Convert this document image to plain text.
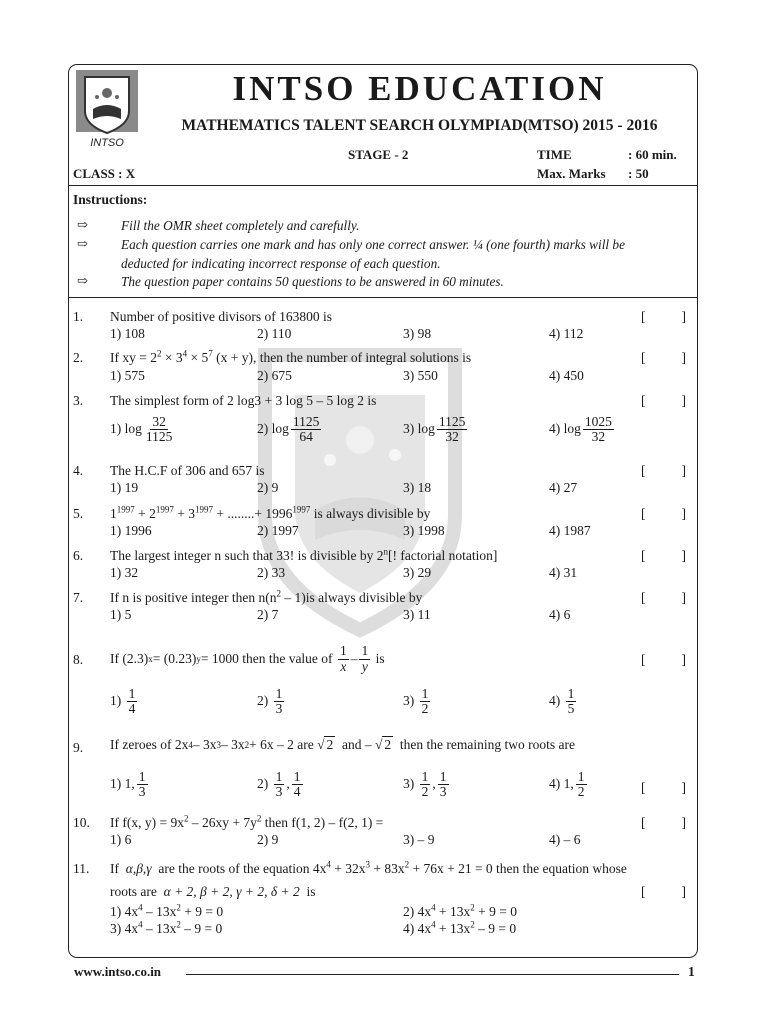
INTSO
INTSO EDUCATION
MATHEMATICS TALENT SEARCH OLYMPIAD(MTSO) 2015 - 2016
STAGE - 2	TIME	: 60 min.
CLASS : X	Max. Marks : 50
Instructions:
⇨ Fill the OMR sheet completely and carefully.
⇨ Each question carries one mark and has only one correct answer. ¼ (one fourth) marks will be
deducted for indicating incorrect response of each question.
⇨ The question paper contains 50 questions to be answered in 60 minutes.
1. Number of positive divisors of 163800 is	[	]
1) 108	2) 110	3) 98	4) 112
2. If xy = $2^2 \times 3^4 \times 5^7$ (x + y), then the number of integral solutions is	[	]
1) 575	2) 675	3) 550	4) 450
3. The simplest form of 2 log3 + 3 log 5 – 5 log 2 is	[	]
1) $\log \frac{32}{1125}$	2) $\log \frac{1125}{64}$	3) $\log \frac{1125}{32}$	4) $\log \frac{1025}{32}$
4. The H.C.F of 306 and 657 is	[	]
1) 19	2) 9	3) 18	4) 27
5. $1^{1997} + 2^{1997} + 3^{1997}$ + ........+ $1996^{1997}$ is always divisible by	[	]
1) 1996	2) 1997	3) 1998	4) 1987
6. The largest integer n such that 33! is divisible by 2$^n$[! factorial notation]	[	]
1) 32	2) 33	3) 29	4) 31
7. If n is positive integer then $n(n^2 - 1)is$ always divisible by	[	]
1) 5	2) 7	3) 11	4) 6
8. If (2.3) x = (0.23) y = 1000 then the value of
$\frac{1}{x} - \frac{1}{y}$
is	[	]
$1) \frac{1}{4}$	$2) \frac{1}{3}$	$3) \frac{1}{2}$	$4) \frac{1}{5}$
9. If zeroes of 2x 4 – 3x 3 – 3x 2 + 6x – 2 are
√ 2
and –
√ 2
then the remaining two roots are
1) 1, $\frac{1}{3}$	$2) \frac{1}{3}$ , $\frac{1}{4}$	$3) \frac{1}{2}$ , $\frac{1}{3}$	4) 1, $\frac{1}{2}$	[	]
10. If f(x, $y) = 9x^2 - 26xy + 7y^2$ then f(1, 2) – f(2, 1) =	[	]
1) 6	2) 9	3) – 9	4) – 6
11. If α,β,γ are the roots of the equation $4x^4 + 32x^3 + 83x^2 + 76x + 21 = 0$ then the equation whose
roots are α + 2, β + 2, γ + 2, δ + 2 is	[	]
1) $4x^4 - 13x^2 + 9 = 0$	2) $4x^4 + 13x^2 + 9 = 0$
3) $4x^4 - 13x^2 - 9 = 0$	4) $4x^4 + 13x^2 - 9 = 0$
www.intso.co.in	1
